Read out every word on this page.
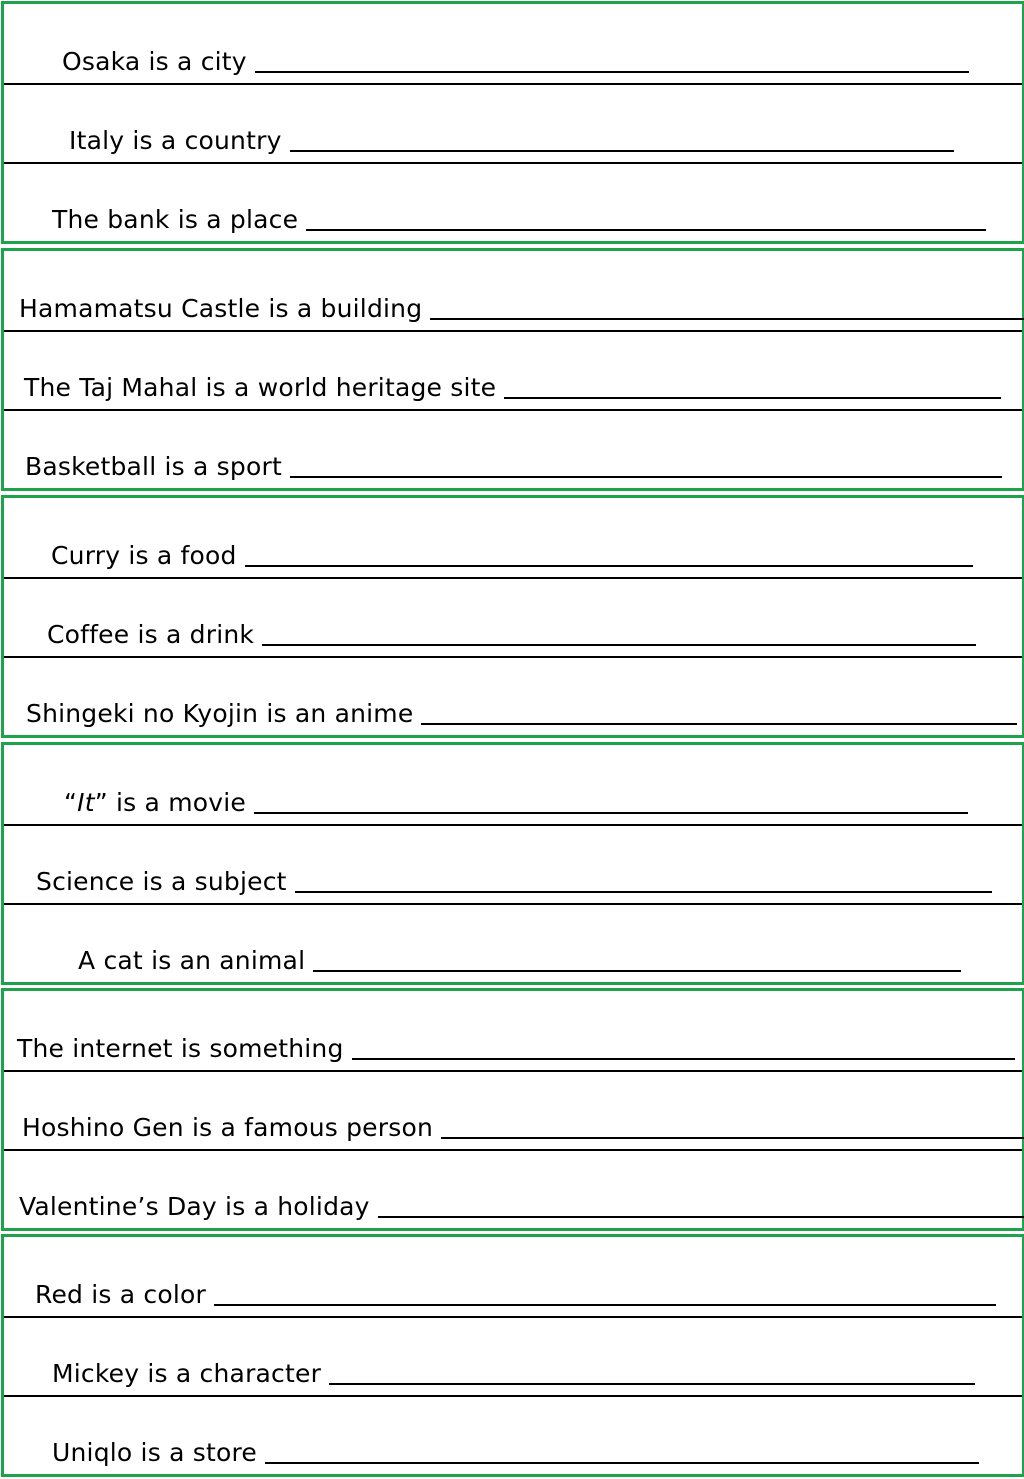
Osaka is a city
Italy is a country
The bank is a place
Hamamatsu Castle is a building
The Taj Mahal is a world heritage site
Basketball is a sport
Curry is a food
Coffee is a drink
Shingeki no Kyojin is an anime
“It” is a movie
Science is a subject
A cat is an animal
The internet is something
Hoshino Gen is a famous person
Valentine’s Day is a holiday
Red is a color
Mickey is a character
Uniqlo is a store
